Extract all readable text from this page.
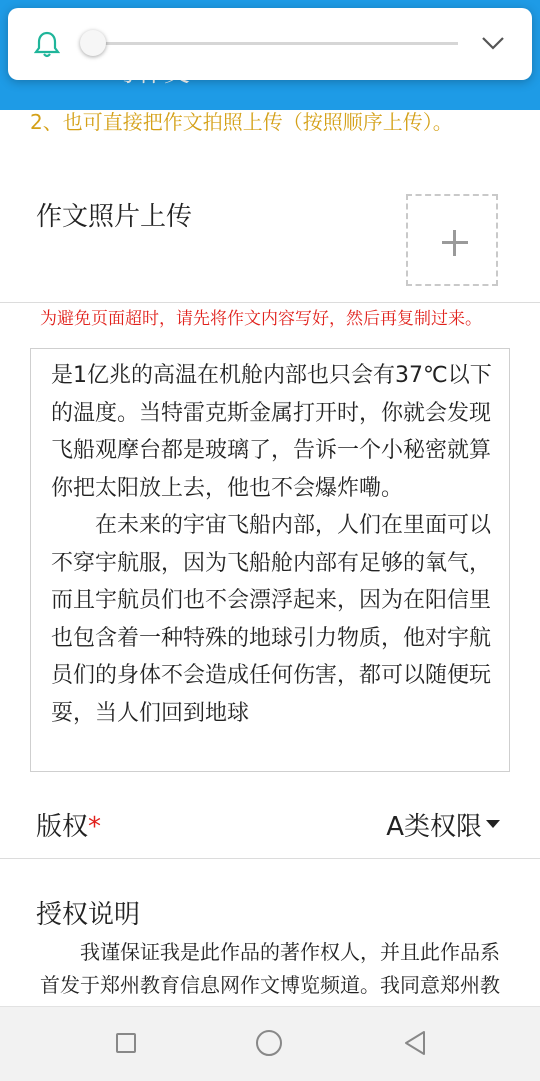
2、也可直接把作文拍照上传（按照顺序上传）。
作文照片上传
为避免页面超时，请先将作文内容写好，然后再复制过来。

是1亿兆的高温在机舱内部也只会有37℃以下的温度。当特雷克斯金属打开时，你就会发现飞船观摩台都是玻璃了，告诉一个小秘密就算你把太阳放上去，他也不会爆炸嘞。

在未来的宇宙飞船内部，人们在里面可以不穿宇航服，因为飞船舱内部有足够的氧气，而且宇航员们也不会漂浮起来，因为在阳信里也包含着一种特殊的地球引力物质，他对宇航员们的身体不会造成任何伤害，都可以随便玩耍，当人们回到地球

版权*	A类权限
授权说明
我谨保证我是此作品的著作权人，并且此作品系首发于郑州教育信息网作文博览频道。我同意郑州教
